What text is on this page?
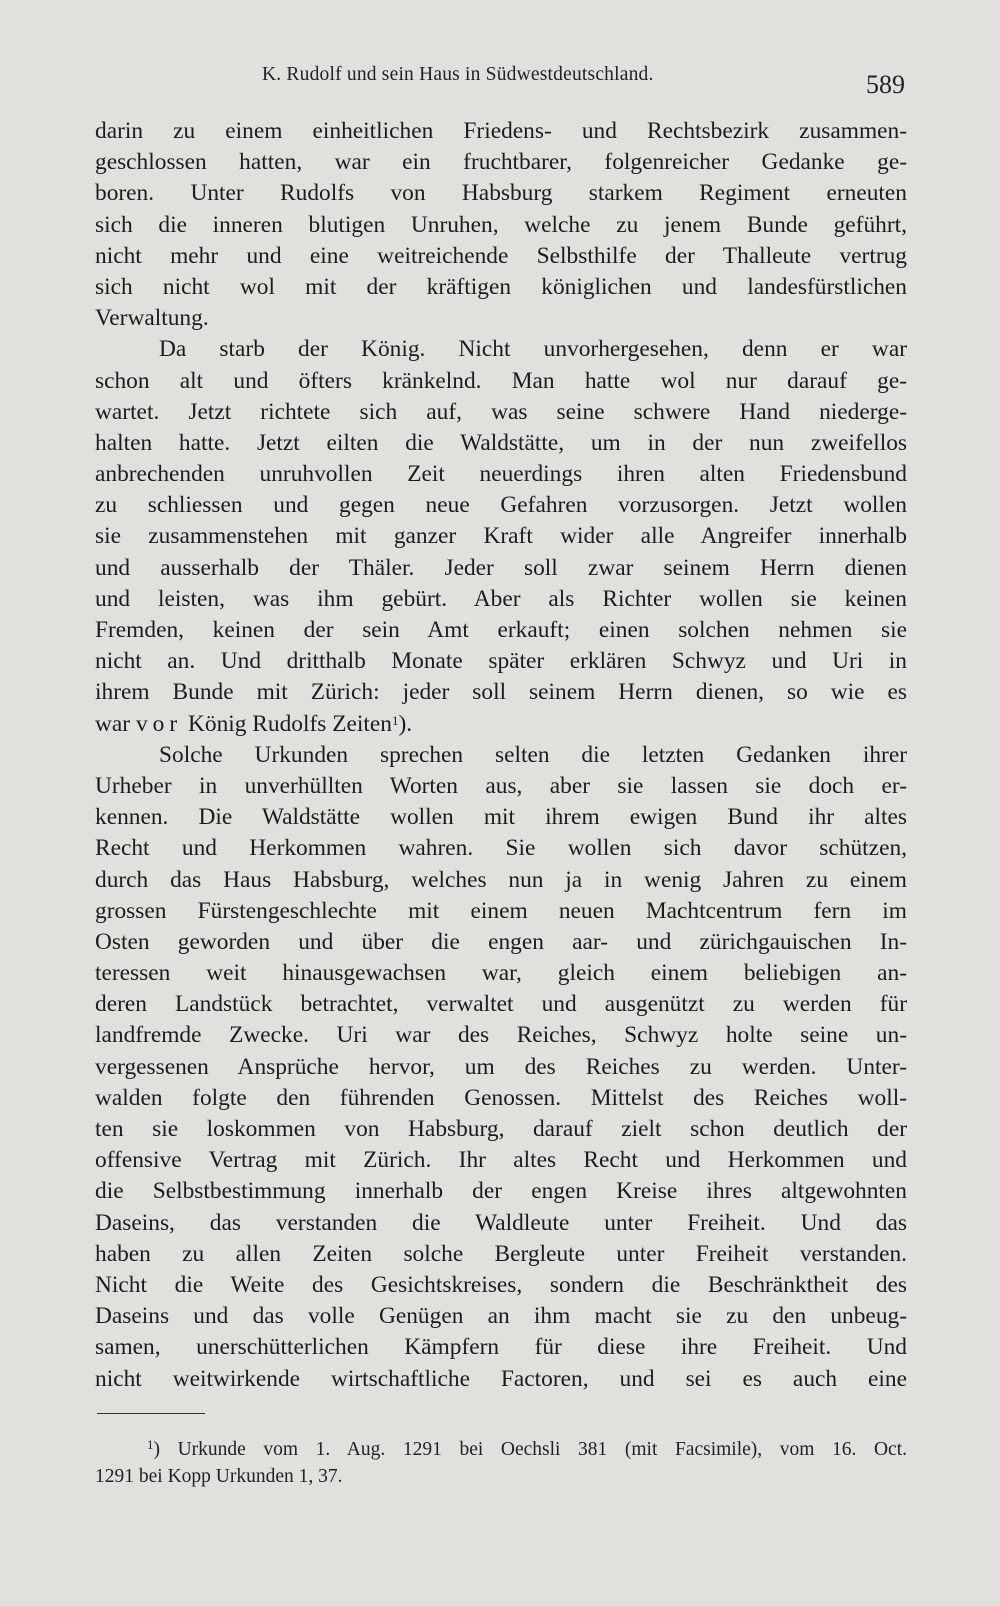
K. Rudolf und sein Haus in Südwestdeutschland.	589
darin zu einem einheitlichen Friedens- und Rechtsbezirk zusammen-
geschlossen hatten, war ein fruchtbarer, folgenreicher Gedanke ge-
boren. Unter Rudolfs von Habsburg starkem Regiment erneuten
sich die inneren blutigen Unruhen, welche zu jenem Bunde geführt,
nicht mehr und eine weitreichende Selbsthilfe der Thalleute vertrug
sich nicht wol mit der kräftigen königlichen und landesfürstlichen
Verwaltung.
Da starb der König. Nicht unvorhergesehen, denn er war
schon alt und öfters kränkelnd. Man hatte wol nur darauf ge-
wartet. Jetzt richtete sich auf, was seine schwere Hand niederge-
halten hatte. Jetzt eilten die Waldstätte, um in der nun zweifellos
anbrechenden unruhvollen Zeit neuerdings ihren alten Friedensbund
zu schliessen und gegen neue Gefahren vorzusorgen. Jetzt wollen
sie zusammenstehen mit ganzer Kraft wider alle Angreifer innerhalb
und ausserhalb der Thäler. Jeder soll zwar seinem Herrn dienen
und leisten, was ihm gebürt. Aber als Richter wollen sie keinen
Fremden, keinen der sein Amt erkauft; einen solchen nehmen sie
nicht an. Und dritthalb Monate später erklären Schwyz und Uri in
ihrem Bunde mit Zürich: jeder soll seinem Herrn dienen, so wie es
war vor König Rudolfs Zeiten$^1$).
Solche Urkunden sprechen selten die letzten Gedanken ihrer
Urheber in unverhüllten Worten aus, aber sie lassen sie doch er-
kennen. Die Waldstätte wollen mit ihrem ewigen Bund ihr altes
Recht und Herkommen wahren. Sie wollen sich davor schützen,
durch das Haus Habsburg, welches nun ja in wenig Jahren zu einem
grossen Fürstengeschlechte mit einem neuen Machtcentrum fern im
Osten geworden und über die engen aar- und zürichgauischen In-
teressen weit hinausgewachsen war, gleich einem beliebigen an-
deren Landstück betrachtet, verwaltet und ausgenützt zu werden für
landfremde Zwecke. Uri war des Reiches, Schwyz holte seine un-
vergessenen Ansprüche hervor, um des Reiches zu werden. Unter-
walden folgte den führenden Genossen. Mittelst des Reiches woll-
ten sie loskommen von Habsburg, darauf zielt schon deutlich der
offensive Vertrag mit Zürich. Ihr altes Recht und Herkommen und
die Selbstbestimmung innerhalb der engen Kreise ihres altgewohnten
Daseins, das verstanden die Waldleute unter Freiheit. Und das
haben zu allen Zeiten solche Bergleute unter Freiheit verstanden.
Nicht die Weite des Gesichtskreises, sondern die Beschränktheit des
Daseins und das volle Genügen an ihm macht sie zu den unbeug-
samen, unerschütterlichen Kämpfern für diese ihre Freiheit. Und
nicht weitwirkende wirtschaftliche Factoren, und sei es auch eine
$^1$) Urkunde vom 1. Aug. 1291 bei Oechsli 381 (mit Facsimile), vom 16. Oct.
1291 bei Kopp Urkunden 1, 37.
